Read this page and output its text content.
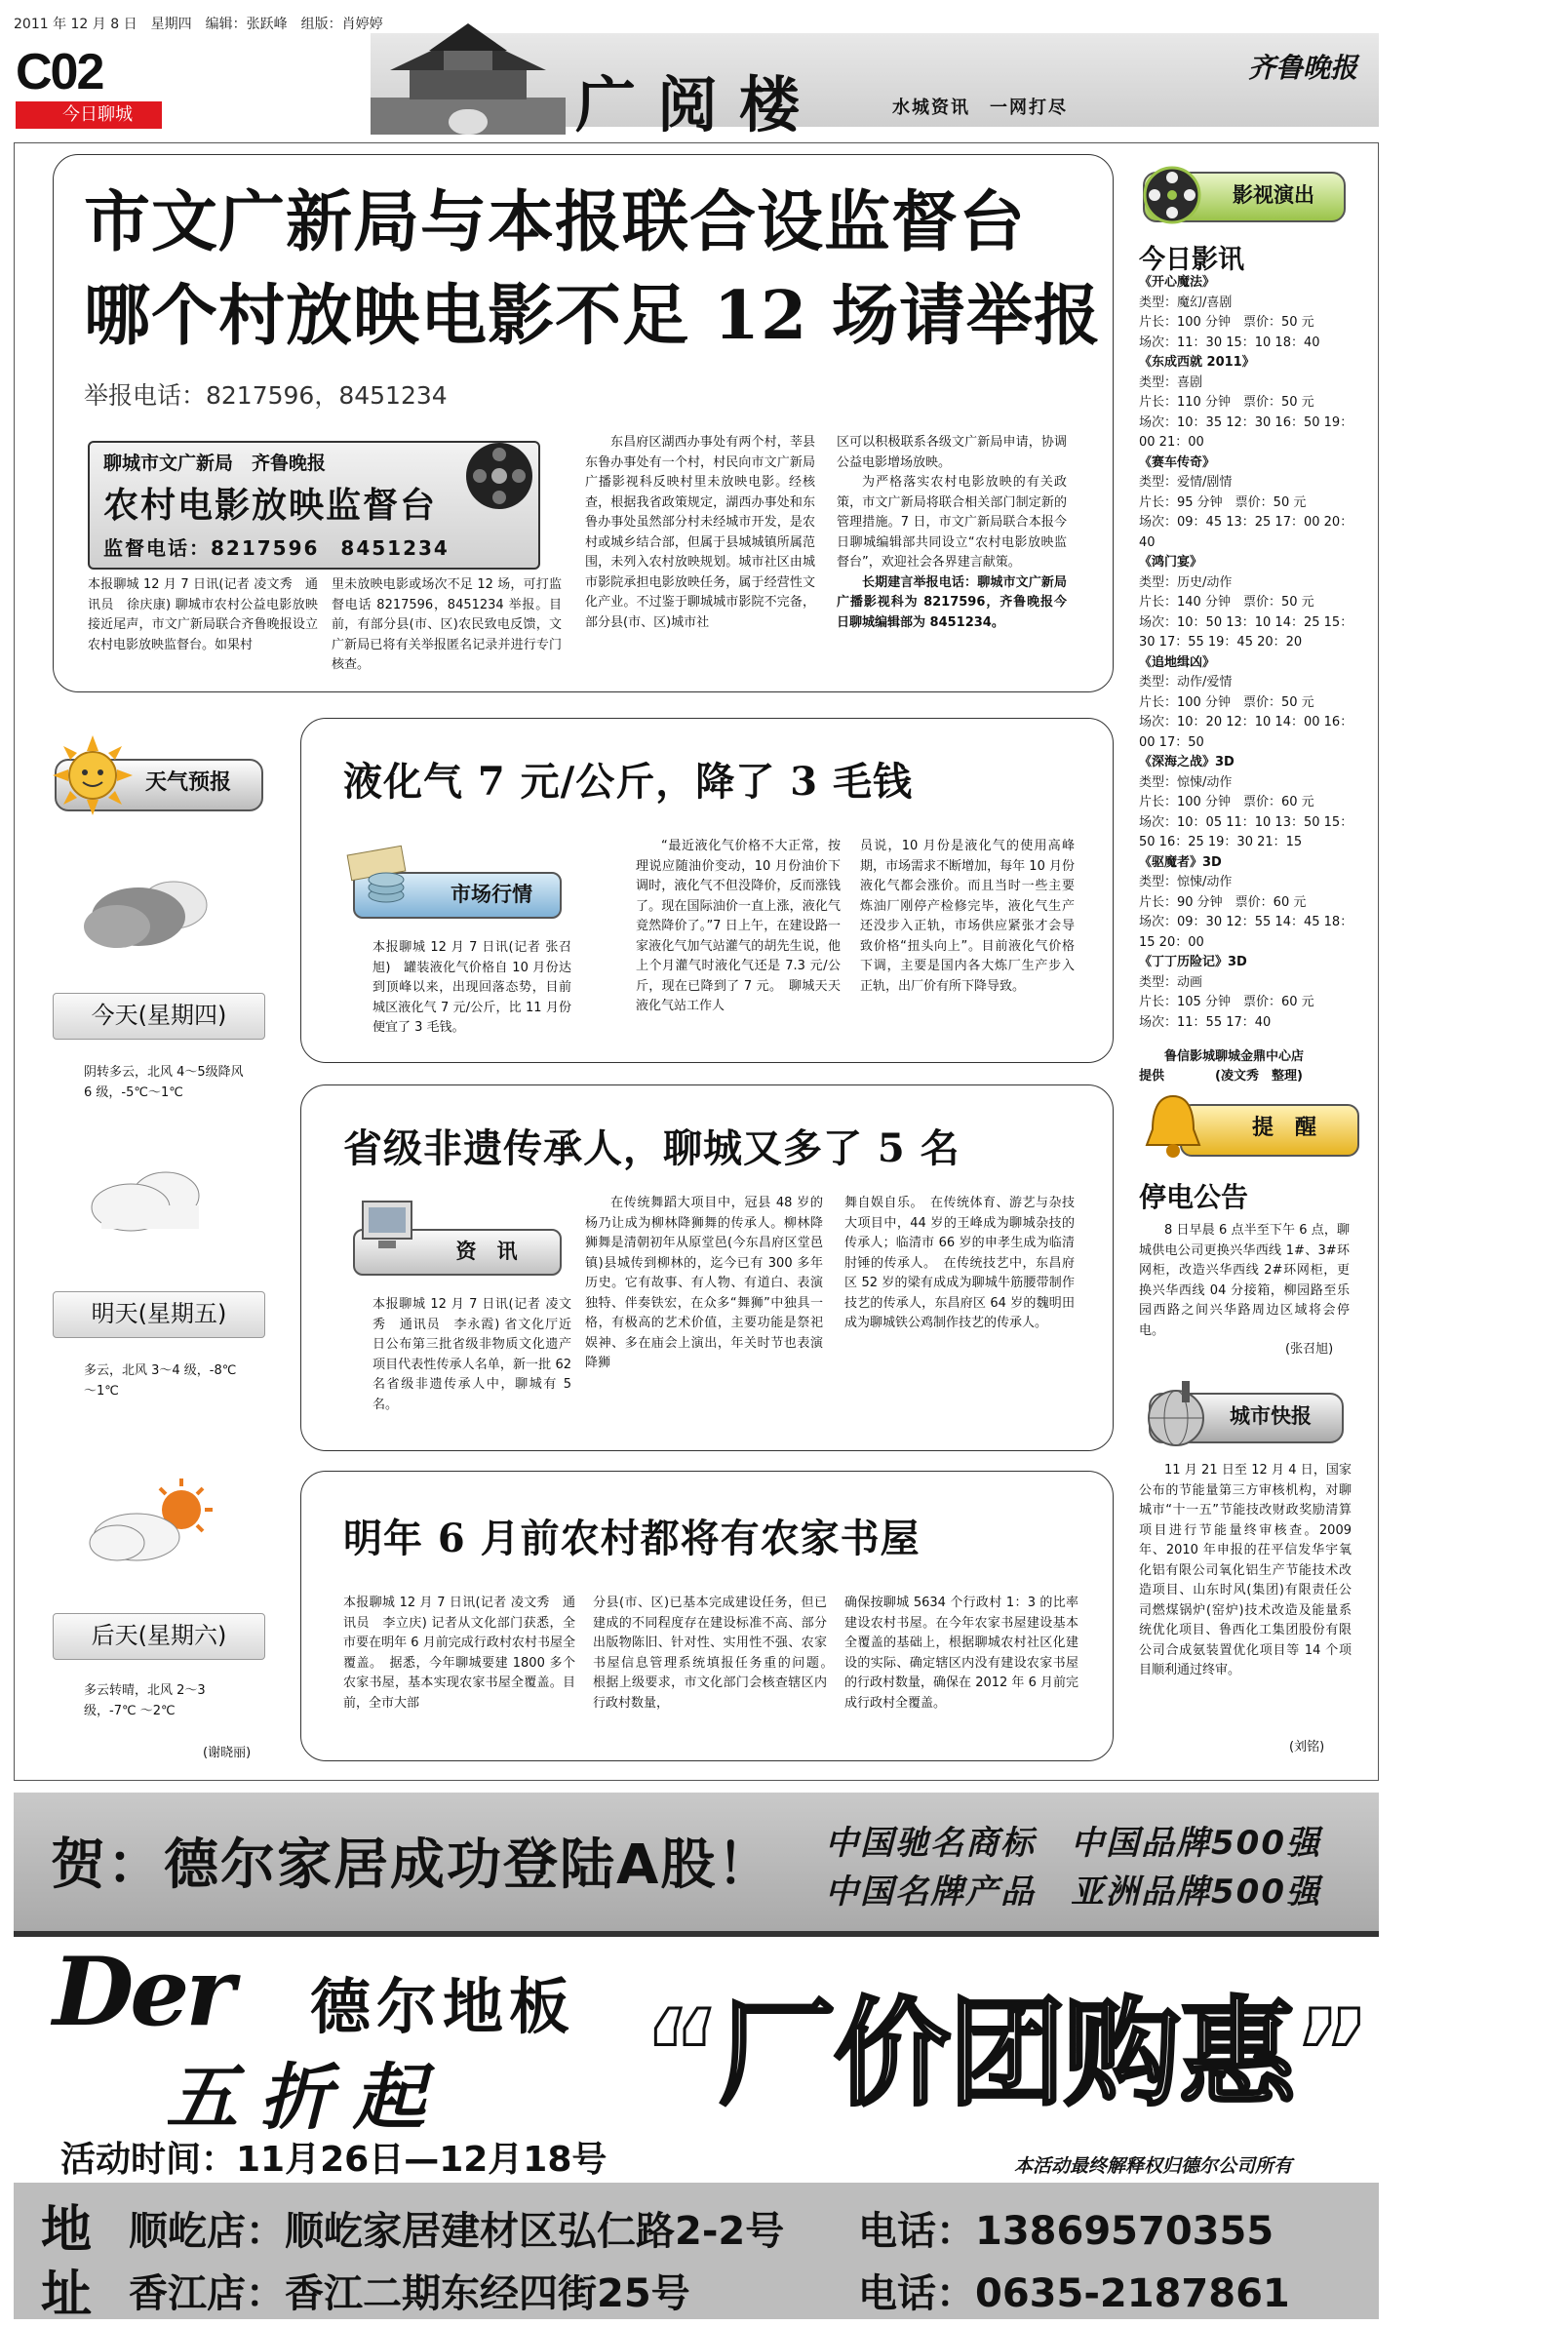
2011 年 12 月 8 日　星期四　编辑：张跃峰　组版：肖婷婷
C02
今日聊城	广阅楼	水城资讯　一网打尽
齐鲁晚报
市文广新局与本报联合设监督台
哪个村放映电影不足 12 场请举报
举报电话：8217596，8451234
聊城市文广新局　齐鲁晚报
农村电影放映监督台
监督电话：8217596　8451234
本报聊城 12 月 7 日讯(记者 凌文秀　通讯员　徐庆康) 聊城市农村公益电影放映接近尾声，市文广新局联合齐鲁晚报设立农村电影放映监督台。如果村
里未放映电影或场次不足 12 场，可打监督电话 8217596，8451234 举报。目前，有部分县(市、区)农民致电反馈，文广新局已将有关举报匿名记录并进行专门核查。
东昌府区湖西办事处有两个村，莘县东鲁办事处有一个村，村民向市文广新局广播影视科反映村里未放映电影。经核查，根据我省政策规定，湖西办事处和东鲁办事处虽然部分村未经城市开发，是农村或城乡结合部，但属于县城城镇所属范围，未列入农村放映规划。城市社区由城市影院承担电影放映任务，属于经营性文化产业。不过鉴于聊城城市影院不完备，部分县(市、区)城市社
区可以积极联系各级文广新局申请，协调公益电影增场放映。
为严格落实农村电影放映的有关政策，市文广新局将联合相关部门制定新的管理措施。7 日，市文广新局联合本报今日聊城编辑部共同设立“农村电影放映监督台”，欢迎社会各界建言献策。
长期建言举报电话：聊城市文广新局广播影视科为 8217596，齐鲁晚报今日聊城编辑部为 8451234。
天气预报
今天(星期四)
阴转多云，北风 4～5级降风 6 级，-5℃～1℃
明天(星期五)
多云，北风 3～4 级，-8℃ ～1℃
后天(星期六)
多云转晴，北风 2～3 级，-7℃ ～2℃
(谢晓丽)
液化气 7 元/公斤，降了 3 毛钱
市场行情
本报聊城 12 月 7 日讯(记者 张召旭)　罐装液化气价格自 10 月份达到顶峰以来，出现回落态势，目前城区液化气 7 元/公斤，比 11 月份便宜了 3 毛钱。
“最近液化气价格不大正常，按理说应随油价变动，10 月份油价下调时，液化气不但没降价，反而涨钱了。现在国际油价一直上涨，液化气竟然降价了。”7 日上午，在建设路一家液化气加气站灌气的胡先生说，他上个月灌气时液化气还是 7.3 元/公斤，现在已降到了 7 元。　聊城天天液化气站工作人
员说，10 月份是液化气的使用高峰期，市场需求不断增加，每年 10 月份液化气都会涨价。而且当时一些主要炼油厂刚停产检修完毕，液化气生产还没步入正轨，市场供应紧张才会导致价格“扭头向上”。目前液化气价格下调，主要是国内各大炼厂生产步入正轨，出厂价有所下降导致。
省级非遗传承人，聊城又多了 5 名
资　讯
本报聊城 12 月 7 日讯(记者 凌文秀　通讯员　李永霞) 省文化厅近日公布第三批省级非物质文化遗产项目代表性传承人名单，新一批 62 名省级非遗传承人中，聊城有 5 名。
在传统舞蹈大项目中，冠县 48 岁的杨乃让成为柳林降狮舞的传承人。柳林降狮舞是清朝初年从原堂邑(今东昌府区堂邑镇)县城传到柳林的，迄今已有 300 多年历史。它有故事、有人物、有道白、表演独特、伴奏铁宏，在众多“舞狮”中独具一格，有极高的艺术价值，主要功能是祭祀娱神、多在庙会上演出，年关时节也表演降狮
舞自娱自乐。　在传统体育、游艺与杂技大项目中，44 岁的王峰成为聊城杂技的传承人；临清市 66 岁的申孝生成为临清肘锤的传承人。　在传统技艺中，东昌府区 52 岁的梁有成成为聊城牛筋腰带制作技艺的传承人，东昌府区 64 岁的魏明田成为聊城铁公鸡制作技艺的传承人。
明年 6 月前农村都将有农家书屋
本报聊城 12 月 7 日讯(记者 凌文秀　通讯员　李立庆) 记者从文化部门获悉，全市要在明年 6 月前完成行政村农村书屋全覆盖。　据悉，今年聊城要建 1800 多个农家书屋，基本实现农家书屋全覆盖。目前，全市大部
分县(市、区)已基本完成建设任务，但已建成的不同程度存在建设标准不高、部分出版物陈旧、针对性、实用性不强、农家书屋信息管理系统填报任务重的问题。　根据上级要求，市文化部门会核查辖区内行政村数量，
确保按聊城 5634 个行政村 1：3 的比率建设农村书屋。在今年农家书屋建设基本全覆盖的基础上，根据聊城农村社区化建设的实际、确定辖区内没有建设农家书屋的行政村数量，确保在 2012 年 6 月前完成行政村全覆盖。
影视演出
今日影讯
《开心魔法》
类型：魔幻/喜剧
片长：100 分钟　票价：50 元
场次：11：30 15：10 18：40
《东成西就 2011》
类型：喜剧
片长：110 分钟　票价：50 元
场次：10：35 12：30 16：50 19：00 21：00
《赛车传奇》
类型：爱情/剧情
片长：95 分钟　票价：50 元
场次：09：45 13：25 17：00 20：40
《鸿门宴》
类型：历史/动作
片长：140 分钟　票价：50 元
场次：10：50 13：10 14：25 15：30 17：55 19：45 20：20
《追地缉凶》
类型：动作/爱情
片长：100 分钟　票价：50 元
场次：10：20 12：10 14：00 16：00 17：50
《深海之战》3D
类型：惊悚/动作
片长：100 分钟　票价：60 元
场次：10：05 11：10 13：50 15：50 16：25 19：30 21：15
《驱魔者》3D
类型：惊悚/动作
片长：90 分钟　票价：60 元
场次：09：30 12：55 14：45 18：15 20：00
《丁丁历险记》3D
类型：动画
片长：105 分钟　票价：60 元
场次：11：55 17：40
鲁信影城聊城金鼎中心店
提供　　　　(凌文秀　整理)
提　醒
停电公告
8 日早晨 6 点半至下午 6 点，聊城供电公司更换兴华西线 1#、3#环网柜，改造兴华西线 2#环网柜，更换兴华西线 04 分接箱，柳园路至乐园西路之间兴华路周边区域将会停电。
(张召旭)
城市快报
11 月 21 日至 12 月 4 日，国家公布的节能量第三方审核机构，对聊城市“十一五”节能技改财政奖励清算项目进行节能量终审核查。2009 年、2010 年申报的茌平信发华宇氧化铝有限公司氧化铝生产节能技术改造项目、山东时风(集团)有限责任公司燃煤锅炉(窑炉)技术改造及能量系统优化项目、鲁西化工集团股份有限公司合成氨装置优化项目等 14 个项目顺利通过终审。
(刘铭)
贺：德尔家居成功登陆A股！ 中国驰名商标　中国品牌500强
中国名牌产品　亚洲品牌500强
Der 德尔地板
五折起 “厂价团购惠”
活动时间：11月26日—12月18号	本活动最终解释权归德尔公司所有
地
址
顺屹店：顺屹家居建材区弘仁路2-2号 电话：13869570355
香江店：香江二期东经四街25号	电话：0635-2187861
